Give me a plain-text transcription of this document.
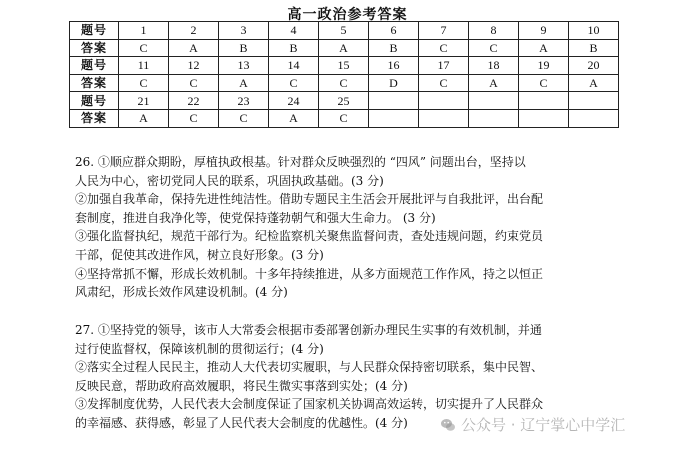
高一政治参考答案
题号	1	2	3	4	5	6	7	8	9	10
答案	C	A	B	B	A	B	C	C	A	B
题号	11	12	13	14	15	16	17	18	19	20
答案	C	C	A	C	C	D	C	A	C	A
题号	21	22	23	24	25					
答案	A	C	C	A	C					
26. ①顺应群众期盼，厚植执政根基。针对群众反映强烈的 “四风” 问题出台，坚持以
人民为中心，密切党同人民的联系，巩固执政基础。(3 分)
②加强自我革命，保持先进性纯洁性。借助专题民主生活会开展批评与自我批评，出台配
套制度，推进自我净化等，使党保持蓬勃朝气和强大生命力。 (3 分)
③强化监督执纪，规范干部行为。纪检监察机关聚焦监督问责，查处违规问题，约束党员
干部，促使其改进作风，树立良好形象。(3 分)
④坚持常抓不懈，形成长效机制。十多年持续推进，从多方面规范工作作风，持之以恒正
风肃纪，形成长效作风建设机制。(4 分)
27. ①坚持党的领导，该市人大常委会根据市委部署创新办理民生实事的有效机制，并通
过行使监督权，保障该机制的贯彻运行；(4 分)
②落实全过程人民民主，推动人大代表切实履职，与人民群众保持密切联系，集中民智、
反映民意，帮助政府高效履职，将民生微实事落到实处；(4 分)
③发挥制度优势，人民代表大会制度保证了国家机关协调高效运转，切实提升了人民群众
的幸福感、获得感，彰显了人民代表大会制度的优越性。(4 分)	公众号 · 辽宁掌心中学汇
